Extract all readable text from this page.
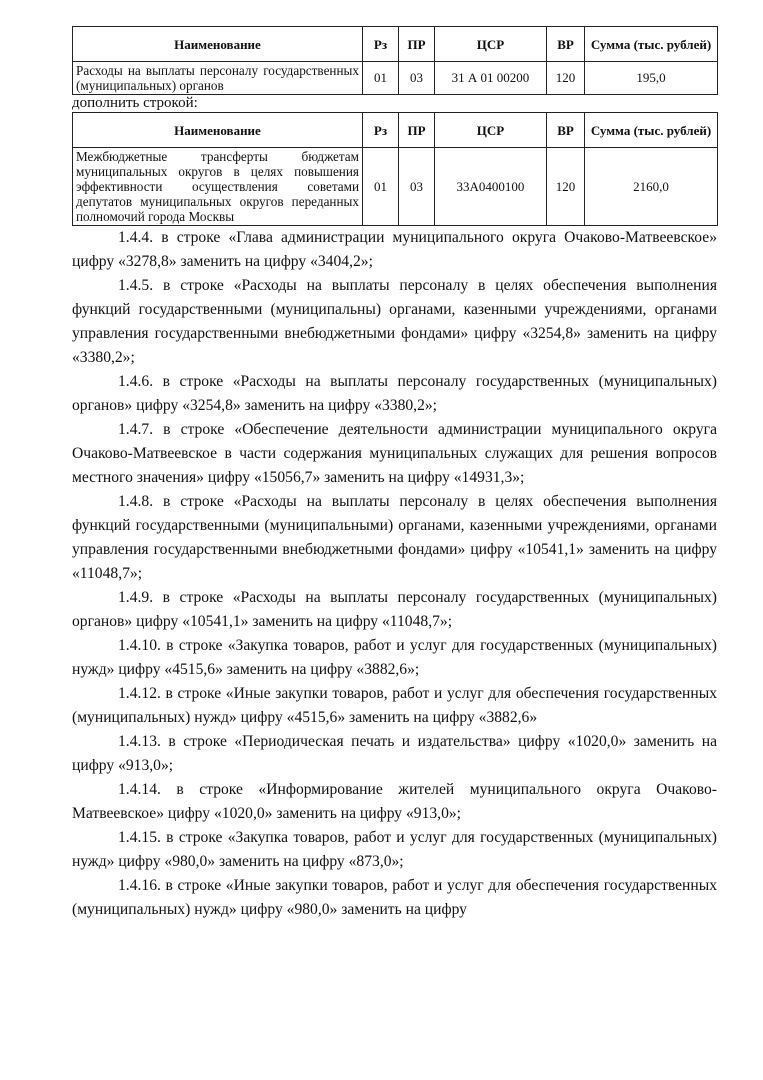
Наименование	Рз	ПР	ЦСР	ВР	Сумма (тыс. рублей)
Расходы на выплаты персоналу государственных (муниципальных) органов	01	03	31 А 01 00200	120	195,0

дополнить строкой:

Наименование	Рз	ПР	ЦСР	ВР	Сумма (тыс. рублей)
Межбюджетные трансферты бюджетам муниципальных округов в целях повышения эффективности осуществления советами депутатов муниципальных округов переданных полномочий города Москвы	01	03	33А0400100	120	2160,0

1.4.4. в строке «Глава администрации муниципального округа Очаково-Матвеевское» цифру «3278,8» заменить на цифру «3404,2»;

1.4.5. в строке «Расходы на выплаты персоналу в целях обеспечения выполнения функций государственными (муниципальны) органами, казенными учреждениями, органами управления государственными внебюджетными фондами» цифру «3254,8» заменить на цифру «3380,2»;

1.4.6. в строке «Расходы на выплаты персоналу государственных (муниципальных) органов» цифру «3254,8» заменить на цифру «3380,2»;

1.4.7. в строке «Обеспечение деятельности администрации муниципального округа Очаково-Матвеевское в части содержания муниципальных служащих для решения вопросов местного значения» цифру «15056,7» заменить на цифру «14931,3»;

1.4.8. в строке «Расходы на выплаты персоналу в целях обеспечения выполнения функций государственными (муниципальными) органами, казенными учреждениями, органами управления государственными внебюджетными фондами» цифру «10541,1» заменить на цифру «11048,7»;

1.4.9. в строке «Расходы на выплаты персоналу государственных (муниципальных) органов» цифру «10541,1» заменить на цифру «11048,7»;

1.4.10. в строке «Закупка товаров, работ и услуг для государственных (муниципальных) нужд» цифру «4515,6» заменить на цифру «3882,6»;

1.4.12. в строке «Иные закупки товаров, работ и услуг для обеспечения государственных (муниципальных) нужд» цифру «4515,6» заменить на цифру «3882,6»

1.4.13. в строке «Периодическая печать и издательства» цифру «1020,0» заменить на цифру «913,0»;

1.4.14. в строке «Информирование жителей муниципального округа Очаково-Матвеевское» цифру «1020,0» заменить на цифру «913,0»;

1.4.15. в строке «Закупка товаров, работ и услуг для государственных (муниципальных) нужд» цифру «980,0» заменить на цифру «873,0»;

1.4.16. в строке «Иные закупки товаров, работ и услуг для обеспечения государственных (муниципальных) нужд» цифру «980,0» заменить на цифру
